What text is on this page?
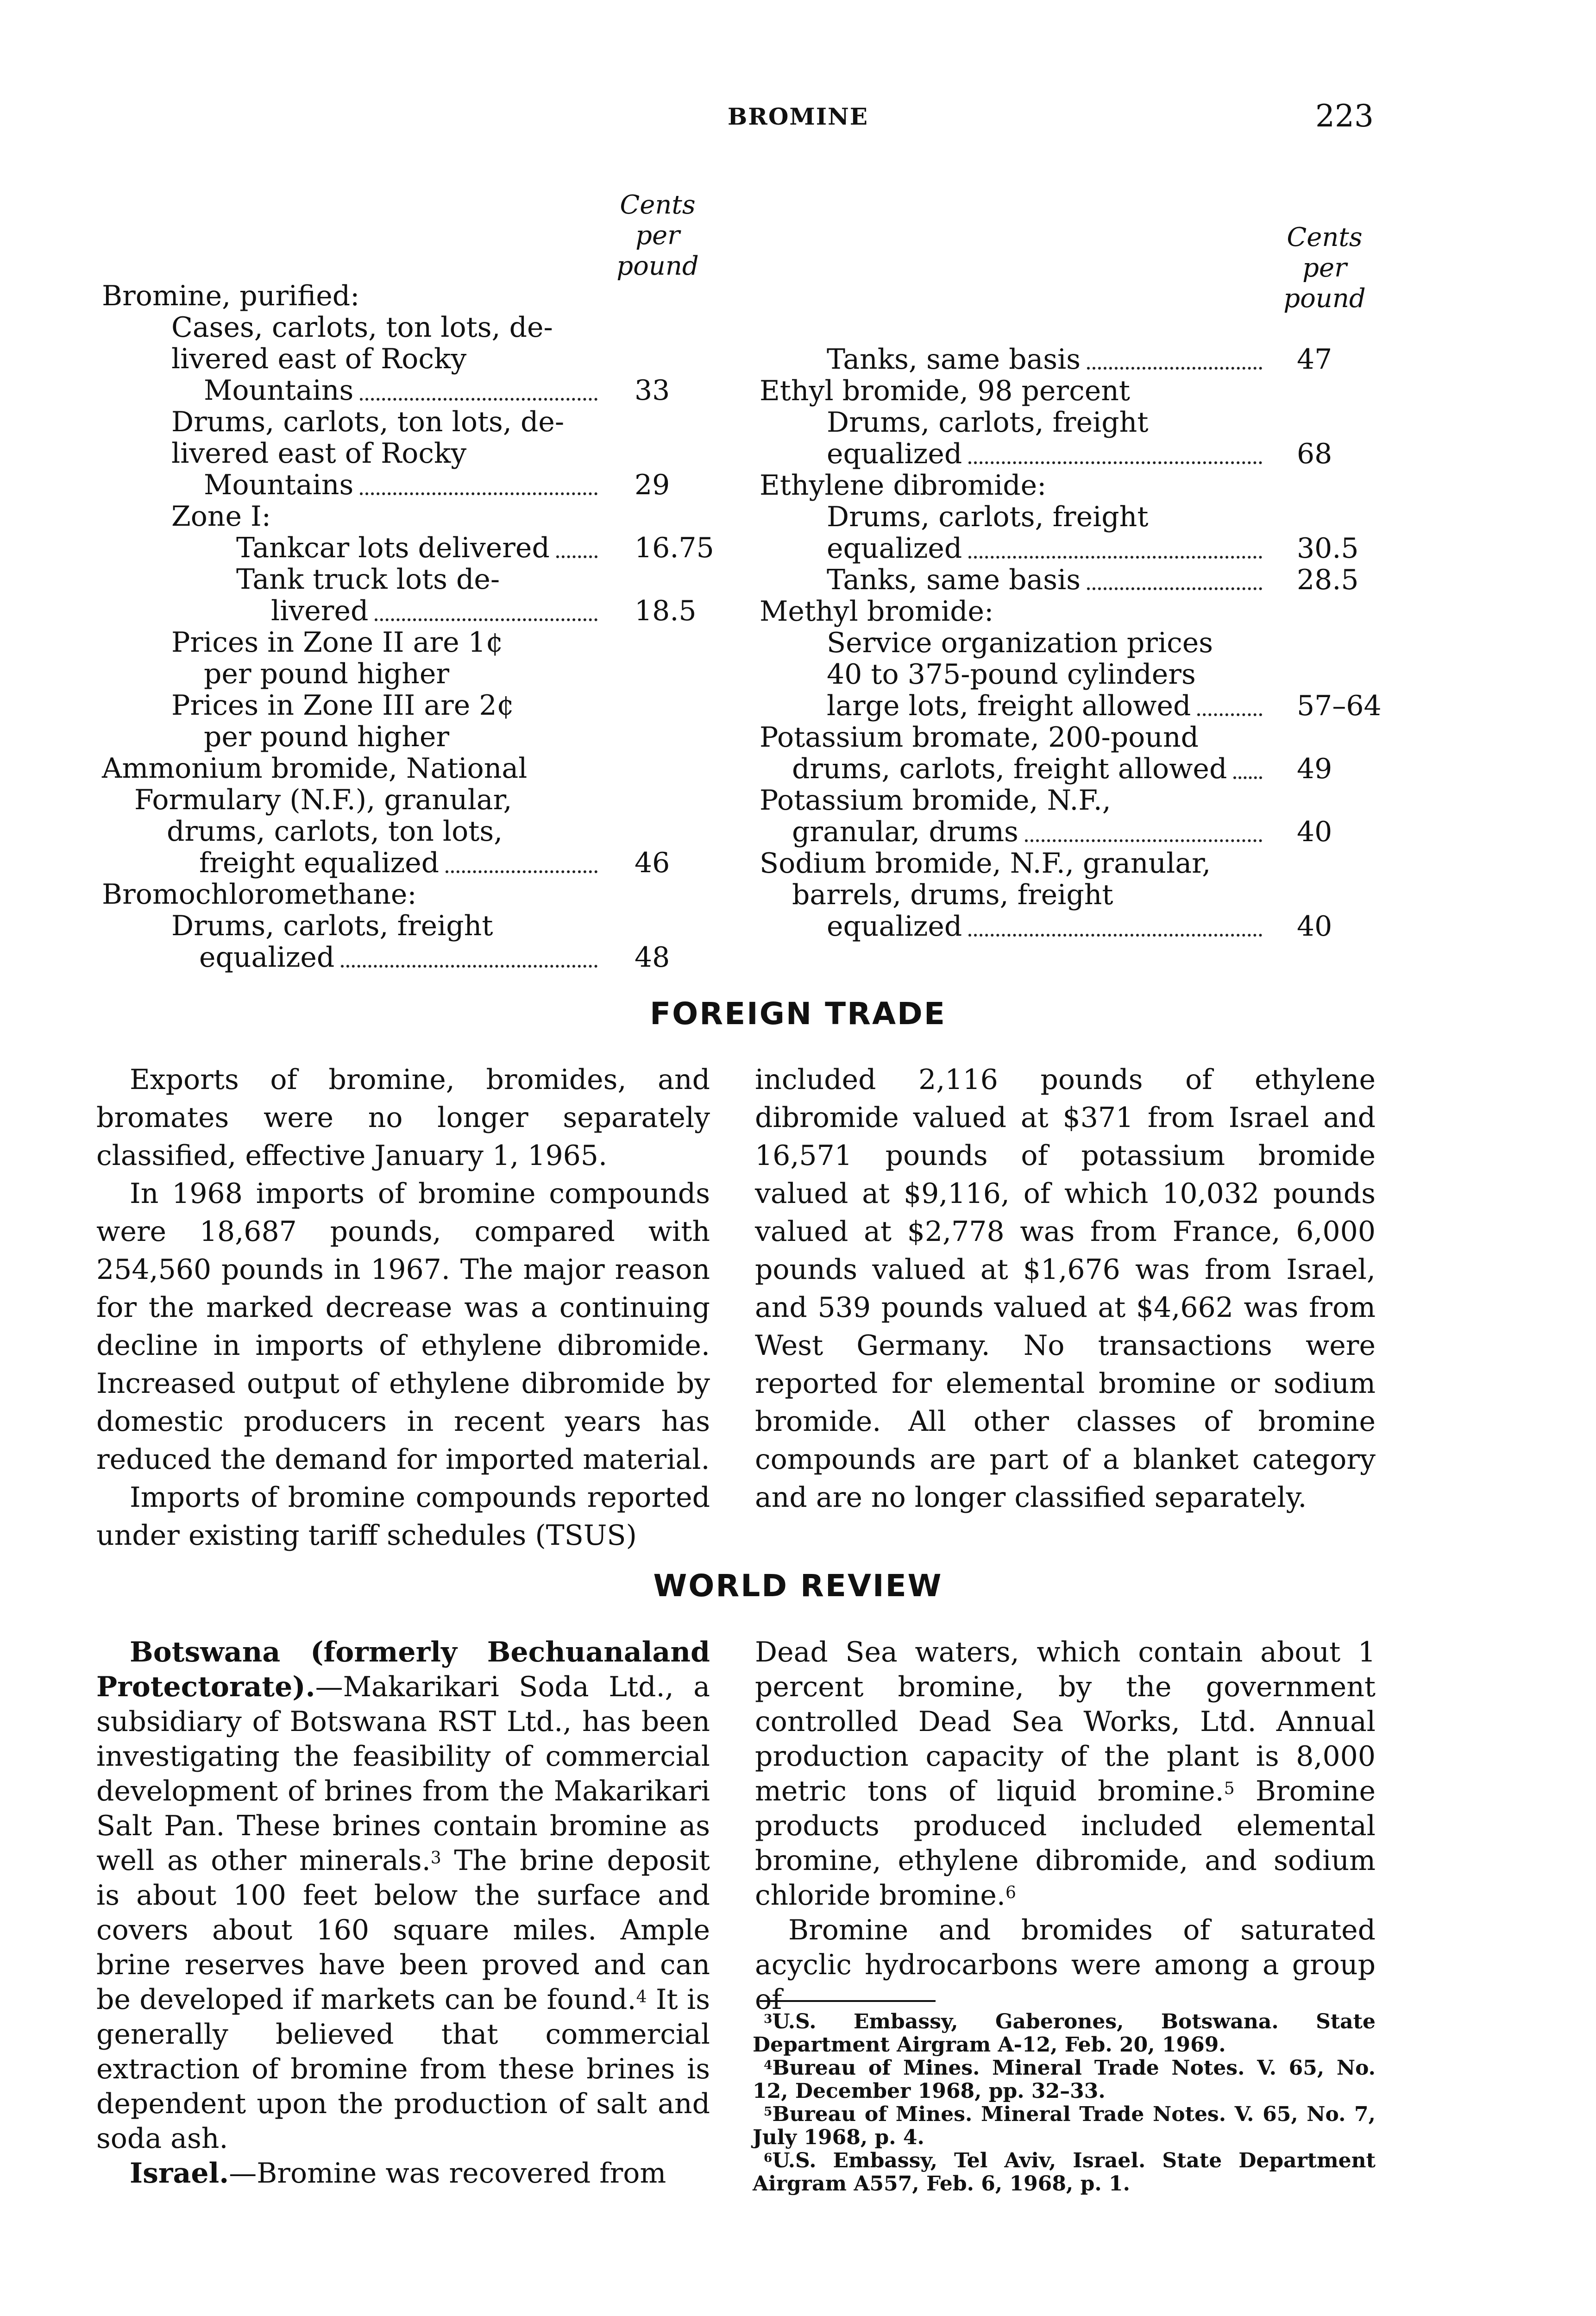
BROMINE	223
Cents
per
pound
Bromine, purified:
Cases, carlots, ton lots, de-
livered east of Rocky
Mountains	33
Drums, carlots, ton lots, de-
livered east of Rocky
Mountains	29
Zone I:
Tankcar lots delivered	16.75
Tank truck lots de-
livered	18.5
Prices in Zone II are 1¢
per pound higher
Prices in Zone III are 2¢
per pound higher
Ammonium bromide, National
Formulary (N.F.), granular,
drums, carlots, ton lots,
freight equalized	46
Bromochloromethane:
Drums, carlots, freight
equalized	48
Cents
per
pound
Tanks, same basis	47
Ethyl bromide, 98 percent
Drums, carlots, freight
equalized	68
Ethylene dibromide:
Drums, carlots, freight
equalized	30.5
Tanks, same basis	28.5
Methyl bromide:
Service organization prices
40 to 375-pound cylinders
large lots, freight allowed	57–64
Potassium bromate, 200-pound
drums, carlots, freight allowed	49
Potassium bromide, N.F.,
granular, drums	40
Sodium bromide, N.F., granular,
barrels, drums, freight
equalized	40
FOREIGN TRADE

Exports of bromine, bromides, and bromates were no longer separately classified, effective January 1, 1965.

In 1968 imports of bromine compounds were 18,687 pounds, compared with 254,560 pounds in 1967. The major reason for the marked decrease was a continuing decline in imports of ethylene dibromide. Increased output of ethylene dibromide by domestic producers in recent years has reduced the demand for imported material.

Imports of bromine compounds reported under existing tariff schedules (TSUS)

included 2,116 pounds of ethylene dibromide valued at $371 from Israel and 16,571 pounds of potassium bromide valued at $9,116, of which 10,032 pounds valued at $2,778 was from France, 6,000 pounds valued at $1,676 was from Israel, and 539 pounds valued at $4,662 was from West Germany. No transactions were reported for elemental bromine or sodium bromide. All other classes of bromine compounds are part of a blanket category and are no longer classified separately.

WORLD REVIEW

Botswana (formerly Bechuanaland Protectorate).—Makarikari Soda Ltd., a subsidiary of Botswana RST Ltd., has been investigating the feasibility of commercial development of brines from the Makarikari Salt Pan. These brines contain bromine as well as other minerals.$^3$ The brine deposit is about 100 feet below the surface and covers about 160 square miles. Ample brine reserves have been proved and can be developed if markets can be found.$^4$ It is generally believed that commercial extraction of bromine from these brines is dependent upon the production of salt and soda ash.

Israel.—Bromine was recovered from

Dead Sea waters, which contain about 1 percent bromine, by the government controlled Dead Sea Works, Ltd. Annual production capacity of the plant is 8,000 metric tons of liquid bromine.$^5$ Bromine products produced included elemental bromine, ethylene dibromide, and sodium chloride bromine.$^6$

Bromine and bromides of saturated acyclic hydrocarbons were among a group of

$^3$U.S. Embassy, Gaberones, Botswana. State Department Airgram A-12, Feb. 20, 1969.

$^4$Bureau of Mines. Mineral Trade Notes. V. 65, No. 12, December 1968, pp. 32–33.

$^5$Bureau of Mines. Mineral Trade Notes. V. 65, No. 7, July 1968, p. 4.

$^6$U.S. Embassy, Tel Aviv, Israel. State Department Airgram A557, Feb. 6, 1968, p. 1.
